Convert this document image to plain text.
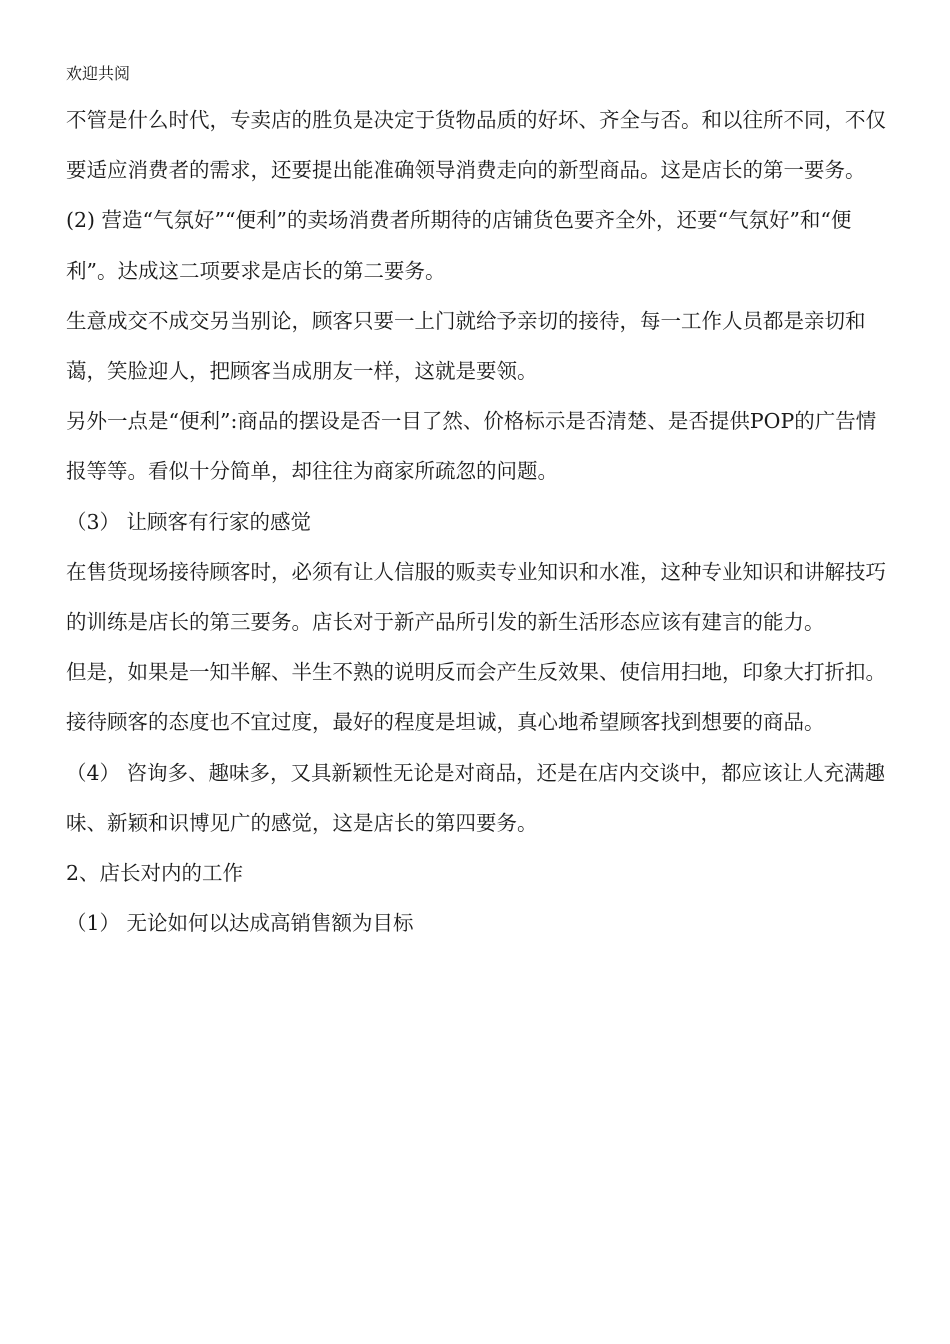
欢迎共阅

不管是什么时代，专卖店的胜负是决定于货物品质的好坏、齐全与否。和以往所不同，不仅要适应消费者的需求，还要提出能准确领导消费走向的新型商品。这是店长的第一要务。

(2) 营造“气氛好”“便利”的卖场消费者所期待的店铺货色要齐全外，还要“气氛好”和“便利”。达成这二项要求是店长的第二要务。

生意成交不成交另当别论，顾客只要一上门就给予亲切的接待，每一工作人员都是亲切和蔼，笑脸迎人，把顾客当成朋友一样，这就是要领。

另外一点是“便利”:商品的摆设是否一目了然、价格标示是否清楚、是否提供POP的广告情报等等。看似十分简单，却往往为商家所疏忽的问题。

（3） 让顾客有行家的感觉

在售货现场接待顾客时，必须有让人信服的贩卖专业知识和水准，这种专业知识和讲解技巧的训练是店长的第三要务。店长对于新产品所引发的新生活形态应该有建言的能力。

但是，如果是一知半解、半生不熟的说明反而会产生反效果、使信用扫地，印象大打折扣。

接待顾客的态度也不宜过度，最好的程度是坦诚，真心地希望顾客找到想要的商品。

（4） 咨询多、趣味多，又具新颖性无论是对商品，还是在店内交谈中，都应该让人充满趣味、新颖和识博见广的感觉，这是店长的第四要务。

2、店长对内的工作

（1） 无论如何以达成高销售额为目标
